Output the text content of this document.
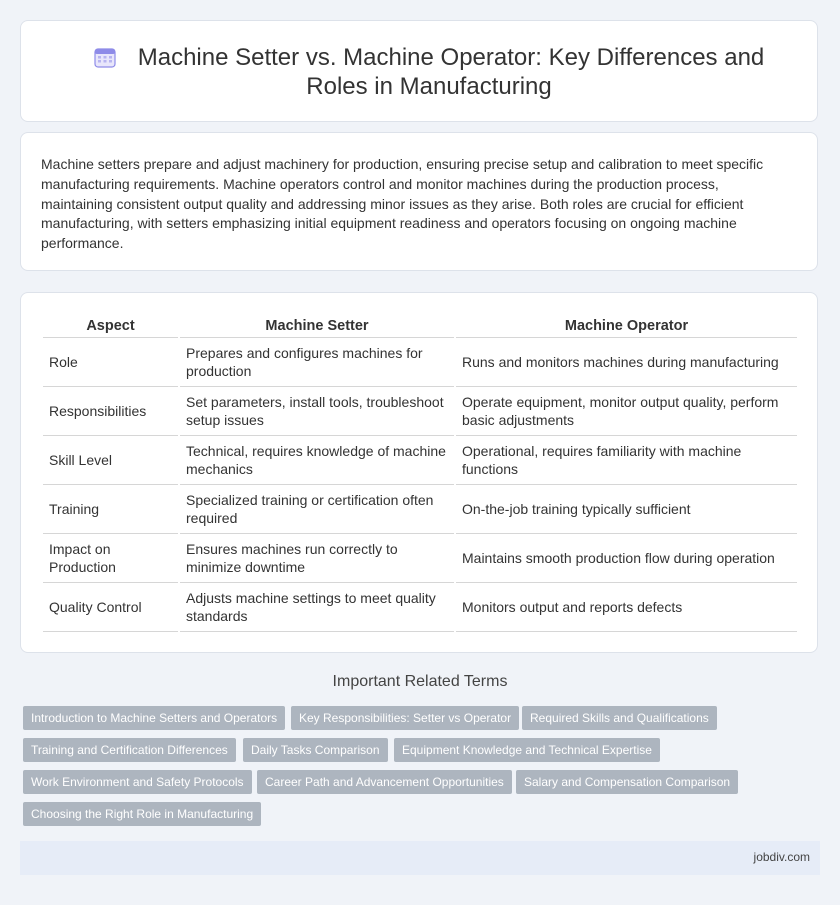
Machine Setter vs. Machine Operator: Key Differences and Roles in Manufacturing

Machine setters prepare and adjust machinery for production, ensuring precise setup and calibration to meet specific manufacturing requirements. Machine operators control and monitor machines during the production process, maintaining consistent output quality and addressing minor issues as they arise. Both roles are crucial for efficient manufacturing, with setters emphasizing initial equipment readiness and operators focusing on ongoing machine performance.

Aspect	Machine Setter	Machine Operator
Role	Prepares and configures machines for production	Runs and monitors machines during manufacturing
Responsibilities	Set parameters, install tools, troubleshoot setup issues	Operate equipment, monitor output quality, perform basic adjustments
Skill Level	Technical, requires knowledge of machine mechanics	Operational, requires familiarity with machine functions
Training	Specialized training or certification often required	On-the-job training typically sufficient
Impact on Production	Ensures machines run correctly to minimize downtime	Maintains smooth production flow during operation
Quality Control	Adjusts machine settings to meet quality standards	Monitors output and reports defects
Important Related Terms
Introduction to Machine Setters and Operators	Key Responsibilities: Setter vs Operator	Required Skills and Qualifications
Training and Certification Differences	Daily Tasks Comparison	Equipment Knowledge and Technical Expertise
Work Environment and Safety Protocols	Career Path and Advancement Opportunities	Salary and Compensation Comparison
Choosing the Right Role in Manufacturing
jobdiv.com
